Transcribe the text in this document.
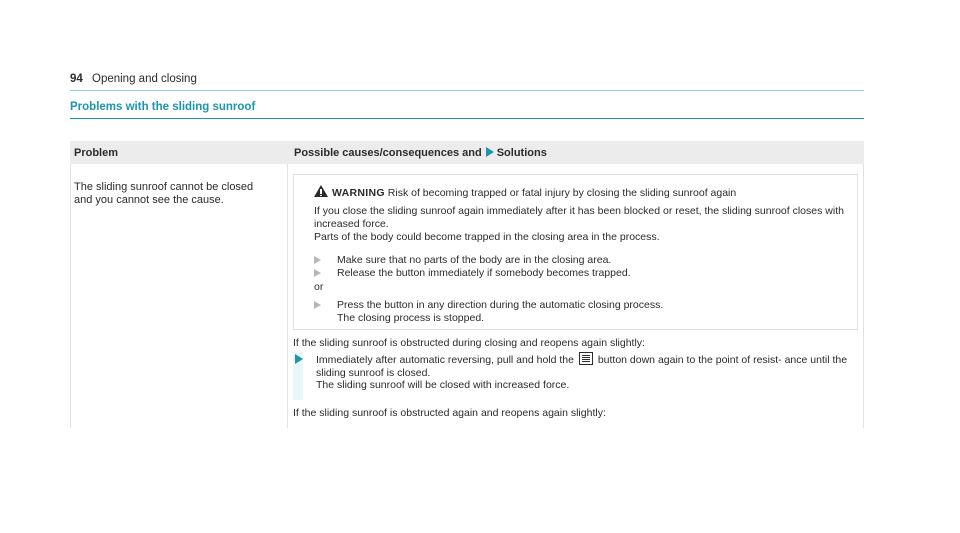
94 Opening and closing
Problems with the sliding sunroof
Problem	Possible causes/consequences and Solutions
The sliding sunroof cannot be closed and you cannot see the cause.
WARNING Risk of becoming trapped or fatal injury by closing the sliding sunroof again
If you close the sliding sunroof again immediately after it has been blocked or reset, the sliding sunroof closes with increased force.
Parts of the body could become trapped in the closing area in the process.
Make sure that no parts of the body are in the closing area.
Release the button immediately if somebody becomes trapped.
or
Press the button in any direction during the automatic closing process.
The closing process is stopped.
If the sliding sunroof is obstructed during closing and reopens again slightly:
Immediately after automatic reversing, pull and hold the button down again to the point of resist- ance until the sliding sunroof is closed.
The sliding sunroof will be closed with increased force.
If the sliding sunroof is obstructed again and reopens again slightly:
